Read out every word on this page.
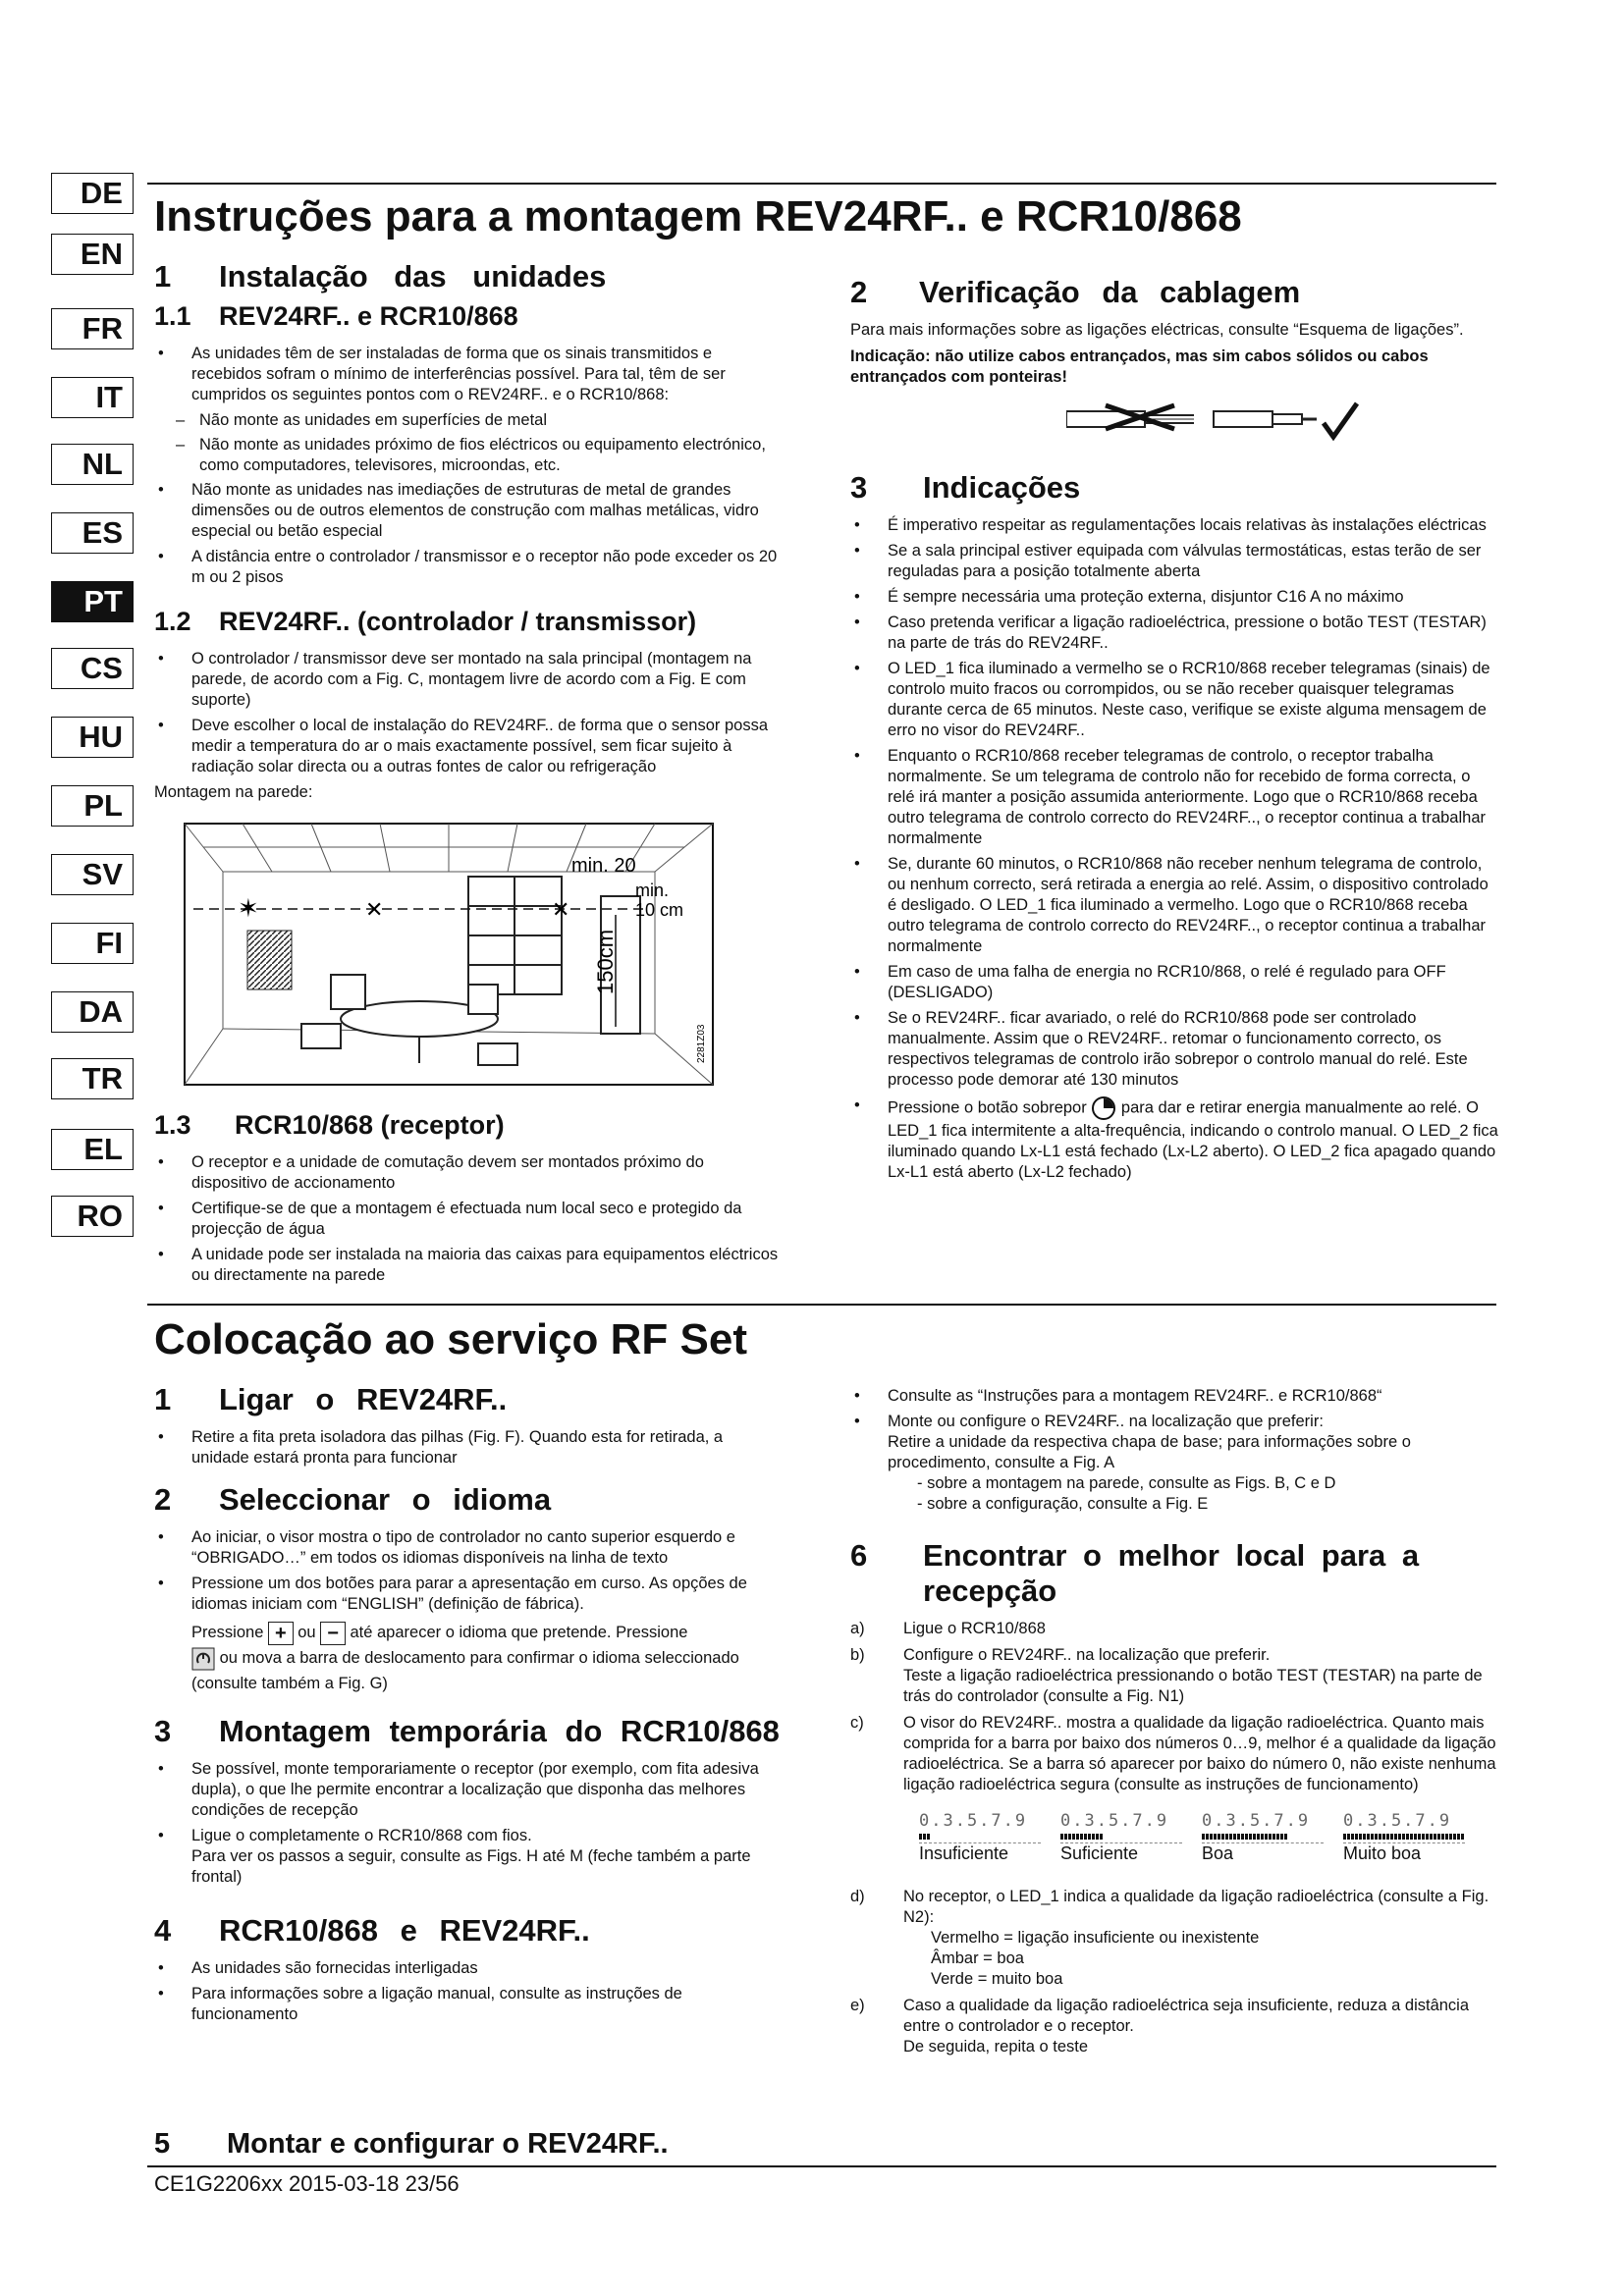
DE
EN
FR
IT
NL
ES
PT
CS
HU
PL
SV
FI
DA
TR
EL
RO
Instruções para a montagem REV24RF.. e RCR10/868
1 Instalação das unidades
1.1 REV24RF.. e RCR10/868
• As unidades têm de ser instaladas de forma que os sinais transmitidos e recebidos sofram o mínimo de interferências possível. Para tal, têm de ser cumpridos os seguintes pontos com o REV24RF.. e o RCR10/868:
– Não monte as unidades em superfícies de metal
– Não monte as unidades próximo de fios eléctricos ou equipamento electrónico, como computadores, televisores, microondas, etc.
• Não monte as unidades nas imediações de estruturas de metal de grandes dimensões ou de outros elementos de construção com malhas metálicas, vidro especial ou betão especial
• A distância entre o controlador / transmissor e o receptor não pode exceder os 20 m ou 2 pisos
1.2 REV24RF.. (controlador / transmissor)
• O controlador / transmissor deve ser montado na sala principal (montagem na parede, de acordo com a Fig. C, montagem livre de acordo com a Fig. E com suporte)
• Deve escolher o local de instalação do REV24RF.. de forma que o sensor possa medir a temperatura do ar o mais exactamente possível, sem ficar sujeito à radiação solar directa ou a outras fontes de calor ou refrigeração
Montagem na parede:
✶	✕	✕
150cm
min. 20
min.
10 cm
2281Z03
1.3 RCR10/868 (receptor)
• O receptor e a unidade de comutação devem ser montados próximo do dispositivo de accionamento
• Certifique-se de que a montagem é efectuada num local seco e protegido da projecção de água
• A unidade pode ser instalada na maioria das caixas para equipamentos eléctricos ou directamente na parede
2 Verificação da cablagem

Para mais informações sobre as ligações eléctricas, consulte “Esquema de ligações”.

Indicação: não utilize cabos entrançados, mas sim cabos sólidos ou cabos entrançados com ponteiras!

3 Indicações
• É imperativo respeitar as regulamentações locais relativas às instalações eléctricas
• Se a sala principal estiver equipada com válvulas termostáticas, estas terão de ser reguladas para a posição totalmente aberta
• É sempre necessária uma proteção externa, disjuntor C16 A no máximo
• Caso pretenda verificar a ligação radioeléctrica, pressione o botão TEST (TESTAR) na parte de trás do REV24RF..
• O LED_1 fica iluminado a vermelho se o RCR10/868 receber telegramas (sinais) de controlo muito fracos ou corrompidos, ou se não receber quaisquer telegramas durante cerca de 65 minutos. Neste caso, verifique se existe alguma mensagem de erro no visor do REV24RF..
• Enquanto o RCR10/868 receber telegramas de controlo, o receptor trabalha normalmente. Se um telegrama de controlo não for recebido de forma correcta, o relé irá manter a posição assumida anteriormente. Logo que o RCR10/868 receba outro telegrama de controlo correcto do REV24RF.., o receptor continua a trabalhar normalmente
• Se, durante 60 minutos, o RCR10/868 não receber nenhum telegrama de controlo, ou nenhum correcto, será retirada a energia ao relé. Assim, o dispositivo controlado é desligado. O LED_1 fica iluminado a vermelho. Logo que o RCR10/868 receba outro telegrama de controlo correcto do REV24RF.., o receptor continua a trabalhar normalmente
• Em caso de uma falha de energia no RCR10/868, o relé é regulado para OFF (DESLIGADO)
• Se o REV24RF.. ficar avariado, o relé do RCR10/868 pode ser controlado manualmente. Assim que o REV24RF.. retomar o funcionamento correcto, os respectivos telegramas de controlo irão sobrepor o controlo manual do relé. Este processo pode demorar até 130 minutos
• Pressione o botão sobrepor para dar e retirar energia manualmente ao relé. O LED_1 fica intermitente a alta-frequência, indicando o controlo manual. O LED_2 fica iluminado quando Lx-L1 está fechado (Lx-L2 aberto). O LED_2 fica apagado quando Lx-L1 está aberto (Lx-L2 fechado)
Colocação ao serviço RF Set
1 Ligar o REV24RF..
• Retire a fita preta isoladora das pilhas (Fig. F). Quando esta for retirada, a unidade estará pronta para funcionar
2 Seleccionar o idioma
• Ao iniciar, o visor mostra o tipo de controlador no canto superior esquerdo e “OBRIGADO…” em todos os idiomas disponíveis na linha de texto
• Pressione um dos botões para parar a apresentação em curso. As opções de idiomas iniciam com “ENGLISH” (definição de fábrica).
Pressione + ou − até aparecer o idioma que pretende. Pressione
ou mova a barra de deslocamento para confirmar o idioma seleccionado (consulte também a Fig. G)
3 Montagem temporária do RCR10/868
• Se possível, monte temporariamente o receptor (por exemplo, com fita adesiva dupla), o que lhe permite encontrar a localização que disponha das melhores condições de recepção
• Ligue o completamente o RCR10/868 com fios.
Para ver os passos a seguir, consulte as Figs. H até M (feche também a parte frontal)
4 RCR10/868 e REV24RF..
• As unidades são fornecidas interligadas
• Para informações sobre a ligação manual, consulte as instruções de funcionamento
5 Montar e configurar o REV24RF..
• Consulte as “Instruções para a montagem REV24RF.. e RCR10/868“
• Monte ou configure o REV24RF.. na localização que preferir:
Retire a unidade da respectiva chapa de base; para informações sobre o procedimento, consulte a Fig. A
- sobre a montagem na parede, consulte as Figs. B, C e D
- sobre a configuração, consulte a Fig. E
6 Encontrar o melhor local para a recepção
a) Ligue o RCR10/868
b) Configure o REV24RF.. na localização que preferir.
Teste a ligação radioeléctrica pressionando o botão TEST (TESTAR) na parte de trás do controlador (consulte a Fig. N1)
c) O visor do REV24RF.. mostra a qualidade da ligação radioeléctrica. Quanto mais comprida for a barra por baixo dos números 0…9, melhor é a qualidade da ligação radioeléctrica. Se a barra só aparecer por baixo do número 0, não existe nenhuma ligação radioeléctrica segura (consulte as instruções de funcionamento)
0.3.5.7.9
Insuficiente
0.3.5.7.9
Suficiente
0.3.5.7.9
Boa
0.3.5.7.9
Muito boa
d) No receptor, o LED_1 indica a qualidade da ligação radioeléctrica (consulte a Fig. N2):
Vermelho = ligação insuficiente ou inexistente
Âmbar = boa
Verde = muito boa
e) Caso a qualidade da ligação radioeléctrica seja insuficiente, reduza a distância entre o controlador e o receptor.
De seguida, repita o teste
CE1G2206xx 2015-03-18 23/56
